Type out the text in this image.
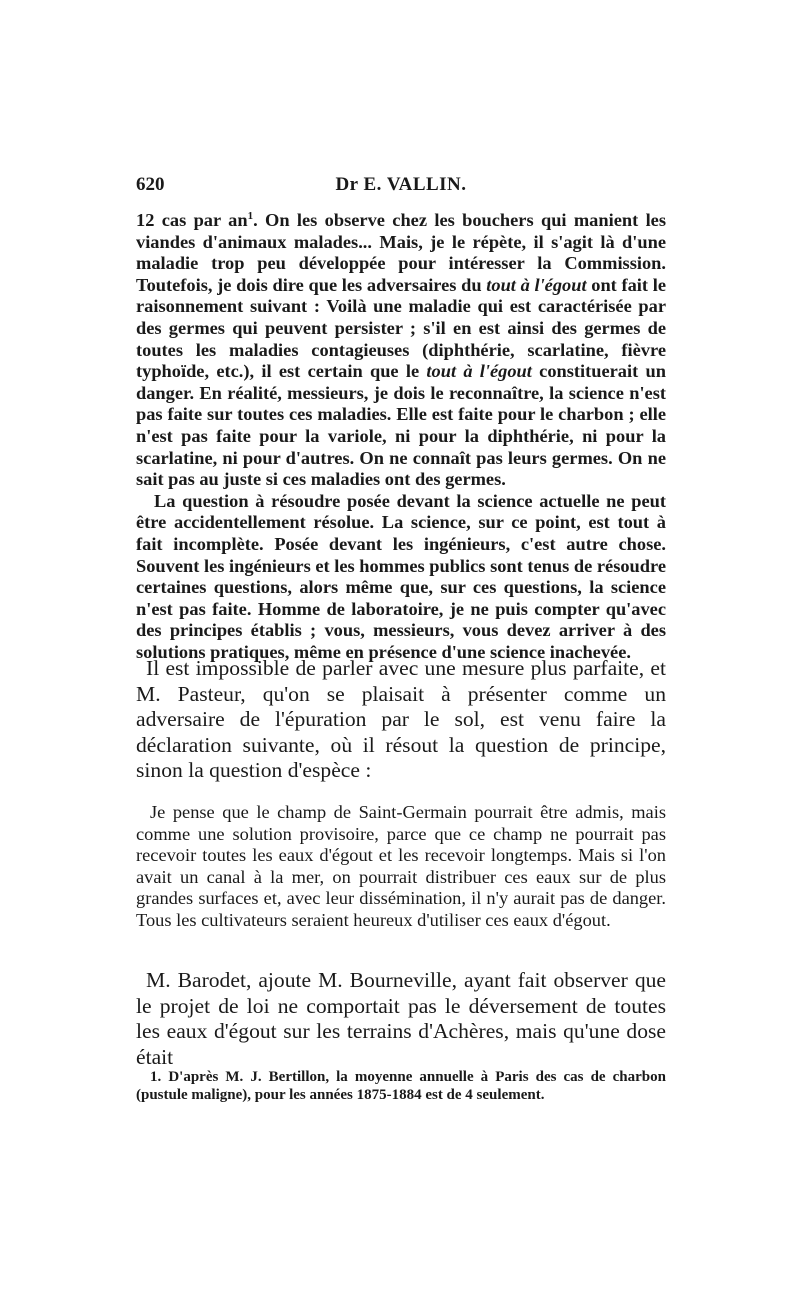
620	Dr E. VALLIN.

12 cas par $an^1$. On les observe chez les bouchers qui manient les viandes d'animaux malades... Mais, je le répète, il s'agit là d'une maladie trop peu développée pour intéresser la Commission. Toutefois, je dois dire que les adversaires du tout à l'égout ont fait le raisonnement suivant : Voilà une maladie qui est caractérisée par des germes qui peuvent persister ; s'il en est ainsi des germes de toutes les maladies contagieuses (diphthérie, scarlatine, fièvre typhoïde, etc.), il est certain que le tout à l'égout constituerait un danger. En réalité, messieurs, je dois le reconnaître, la science n'est pas faite sur toutes ces maladies. Elle est faite pour le charbon ; elle n'est pas faite pour la variole, ni pour la diphthérie, ni pour la scarlatine, ni pour d'autres. On ne connaît pas leurs germes. On ne sait pas au juste si ces maladies ont des germes.

La question à résoudre posée devant la science actuelle ne peut être accidentellement résolue. La science, sur ce point, est tout à fait incomplète. Posée devant les ingénieurs, c'est autre chose. Souvent les ingénieurs et les hommes publics sont tenus de résoudre certaines questions, alors même que, sur ces questions, la science n'est pas faite. Homme de laboratoire, je ne puis compter qu'avec des principes établis ; vous, messieurs, vous devez arriver à des solutions pratiques, même en présence d'une science inachevée.

Il est impossible de parler avec une mesure plus parfaite, et M. Pasteur, qu'on se plaisait à présenter comme un adversaire de l'épuration par le sol, est venu faire la déclaration suivante, où il résout la question de principe, sinon la question d'espèce :

Je pense que le champ de Saint-Germain pourrait être admis, mais comme une solution provisoire, parce que ce champ ne pourrait pas recevoir toutes les eaux d'égout et les recevoir longtemps. Mais si l'on avait un canal à la mer, on pourrait distribuer ces eaux sur de plus grandes surfaces et, avec leur dissémination, il n'y aurait pas de danger. Tous les cultivateurs seraient heureux d'utiliser ces eaux d'égout.

M. Barodet, ajoute M. Bourneville, ayant fait observer que le projet de loi ne comportait pas le déversement de toutes les eaux d'égout sur les terrains d'Achères, mais qu'une dose était

1. D'après M. J. Bertillon, la moyenne annuelle à Paris des cas de charbon (pustule maligne), pour les années 1875-1884 est de 4 seulement.
